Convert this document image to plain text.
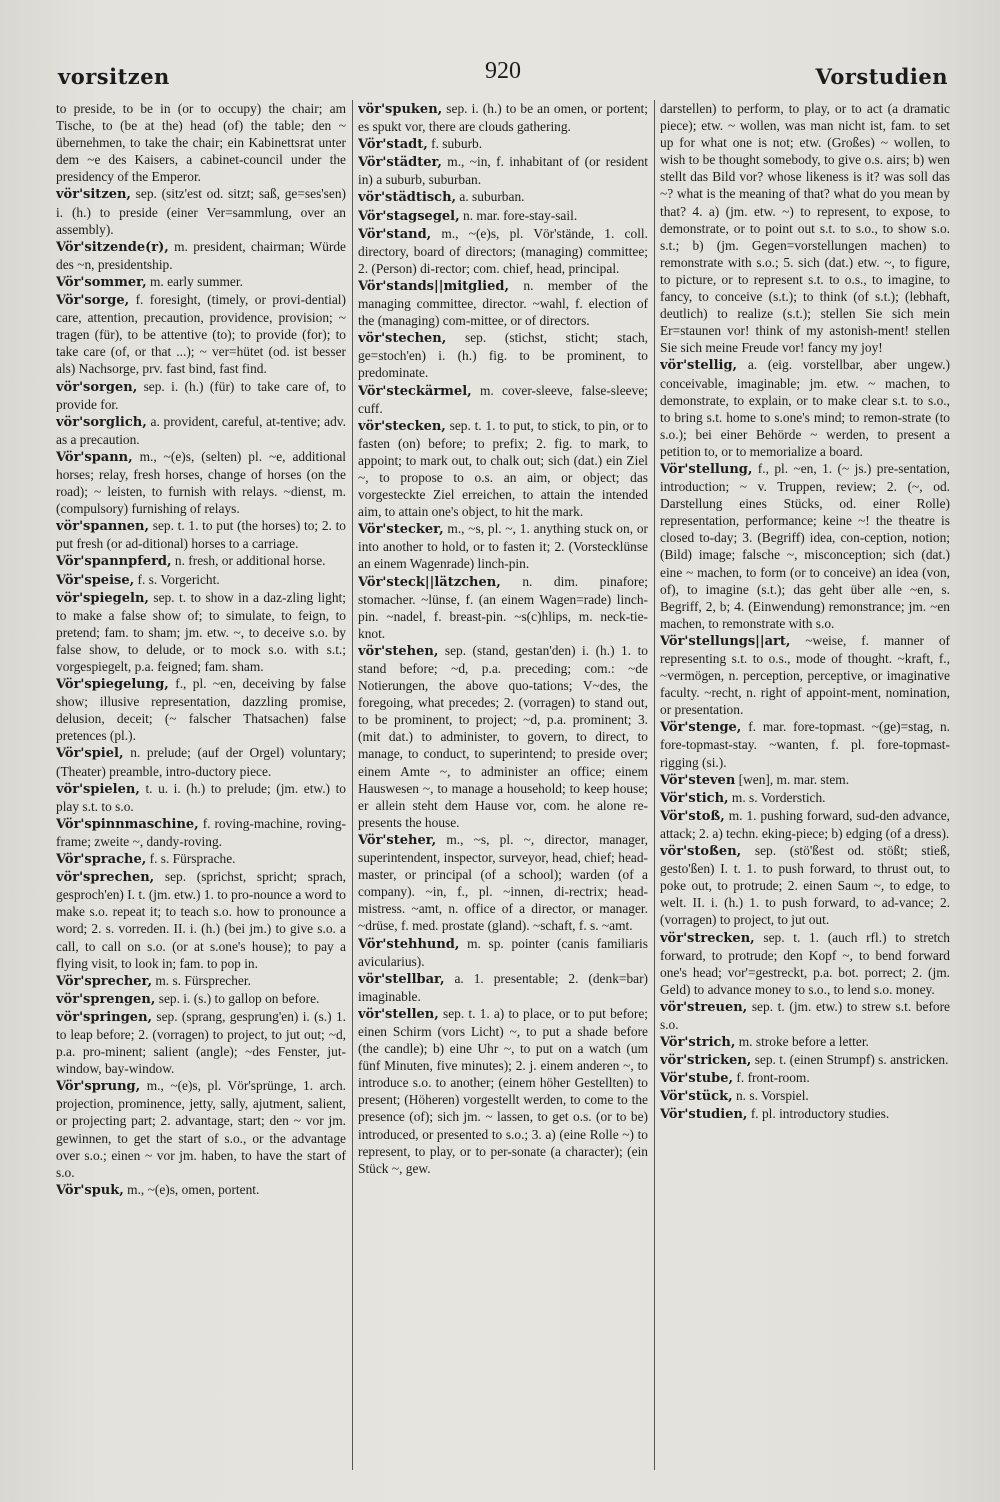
vorsitzen	920	Vorstudien

to preside, to be in (or to occupy) the chair; am Tische, to (be at the) head (of) the table; den ~ übernehmen, to take the chair; ein Kabinettsrat unter dem ~e des Kaisers, a cabinet-council under the presidency of the Emperor.

vör'sitzen, sep. (sitz'est od. sitzt; saß, ge=ses'sen) i. (h.) to preside (einer Ver=sammlung, over an assembly).

Vör'sitzende(r), m. president, chairman; Würde des ~n, presidentship.

Vör'sommer, m. early summer.

Vör'sorge, f. foresight, (timely, or provi-dential) care, attention, precaution, providence, provision; ~ tragen (für), to be attentive (to); to provide (for); to take care (of, or that ...); ~ ver=hütet (od. ist besser als) Nachsorge, prv. fast bind, fast find.

vör'sorgen, sep. i. (h.) (für) to take care of, to provide for.

vör'sorglich, a. provident, careful, at-tentive; adv. as a precaution.

Vör'spann, m., ~(e)s, (selten) pl. ~e, additional horses; relay, fresh horses, change of horses (on the road); ~ leisten, to furnish with relays. ~dienst, m. (compulsory) furnishing of relays.

vör'spannen, sep. t. 1. to put (the horses) to; 2. to put fresh (or ad-ditional) horses to a carriage.

Vör'spannpferd, n. fresh, or additional horse.

Vör'speise, f. s. Vorgericht.

vör'spiegeln, sep. t. to show in a daz-zling light; to make a false show of; to simulate, to feign, to pretend; fam. to sham; jm. etw. ~, to deceive s.o. by false show, to delude, or to mock s.o. with s.t.; vorgespiegelt, p.a. feigned; fam. sham.

Vör'spiegelung, f., pl. ~en, deceiving by false show; illusive representation, dazzling promise, delusion, deceit; (~ falscher Thatsachen) false pretences (pl.).

Vör'spiel, n. prelude; (auf der Orgel) voluntary; (Theater) preamble, intro-ductory piece.

vör'spielen, t. u. i. (h.) to prelude; (jm. etw.) to play s.t. to s.o.

Vör'spinnmaschine, f. roving-machine, roving-frame; zweite ~, dandy-roving.

Vör'sprache, f. s. Fürsprache.

vör'sprechen, sep. (sprichst, spricht; sprach, gesproch'en) I. t. (jm. etw.) 1. to pro-nounce a word to make s.o. repeat it; to teach s.o. how to pronounce a word; 2. s. vorreden. II. i. (h.) (bei jm.) to give s.o. a call, to call on s.o. (or at s.one's house); to pay a flying visit, to look in; fam. to pop in.

Vör'sprecher, m. s. Fürsprecher.

vör'sprengen, sep. i. (s.) to gallop on before.

vör'springen, sep. (sprang, gesprung'en) i. (s.) 1. to leap before; 2. (vorragen) to project, to jut out; ~d, p.a. pro-minent; salient (angle); ~des Fenster, jut-window, bay-window.

Vör'sprung, m., ~(e)s, pl. Vör'sprünge, 1. arch. projection, prominence, jetty, sally, ajutment, salient, or projecting part; 2. advantage, start; den ~ vor jm. gewinnen, to get the start of s.o., or the advantage over s.o.; einen ~ vor jm. haben, to have the start of s.o.

Vör'spuk, m., ~(e)s, omen, portent.

vör'spuken, sep. i. (h.) to be an omen, or portent; es spukt vor, there are clouds gathering.

Vör'stadt, f. suburb.

Vör'städter, m., ~in, f. inhabitant of (or resident in) a suburb, suburban.

vör'städtisch, a. suburban.

Vör'stagsegel, n. mar. fore-stay-sail.

Vör'stand, m., ~(e)s, pl. Vör'stände, 1. coll. directory, board of directors; (managing) committee; 2. (Person) di-rector; com. chief, head, principal.

Vör'stands||mitglied, n. member of the managing committee, director. ~wahl, f. election of the (managing) com-mittee, or of directors.

vör'stechen, sep. (stichst, sticht; stach, ge=stoch'en) i. (h.) fig. to be prominent, to predominate.

Vör'steckärmel, m. cover-sleeve, false-sleeve; cuff.

vör'stecken, sep. t. 1. to put, to stick, to pin, or to fasten (on) before; to prefix; 2. fig. to mark, to appoint; to mark out, to chalk out; sich (dat.) ein Ziel ~, to propose to o.s. an aim, or object; das vorgesteckte Ziel erreichen, to attain the intended aim, to attain one's object, to hit the mark.

Vör'stecker, m., ~s, pl. ~, 1. anything stuck on, or into another to hold, or to fasten it; 2. (Vorstecklünse an einem Wagenrade) linch-pin.

Vör'steck||lätzchen, n. dim. pinafore; stomacher. ~lünse, f. (an einem Wagen=rade) linch-pin. ~nadel, f. breast-pin. ~s(c)hlips, m. neck-tie-knot.

vör'stehen, sep. (stand, gestan'den) i. (h.) 1. to stand before; ~d, p.a. preceding; com.: ~de Notierungen, the above quo-tations; V~des, the foregoing, what precedes; 2. (vorragen) to stand out, to be prominent, to project; ~d, p.a. prominent; 3. (mit dat.) to administer, to govern, to direct, to manage, to conduct, to superintend; to preside over; einem Amte ~, to administer an office; einem Hauswesen ~, to manage a household; to keep house; er allein steht dem Hause vor, com. he alone re-presents the house.

Vör'steher, m., ~s, pl. ~, director, manager, superintendent, inspector, surveyor, head, chief; head-master, or principal (of a school); warden (of a company). ~in, f., pl. ~innen, di-rectrix; head-mistress. ~amt, n. office of a director, or manager. ~drüse, f. med. prostate (gland). ~schaft, f. s. ~amt.

Vör'stehhund, m. sp. pointer (canis familiaris avicularius).

vör'stellbar, a. 1. presentable; 2. (denk=bar) imaginable.

vör'stellen, sep. t. 1. a) to place, or to put before; einen Schirm (vors Licht) ~, to put a shade before (the candle); b) eine Uhr ~, to put on a watch (um fünf Minuten, five minutes); 2. j. einem anderen ~, to introduce s.o. to another; (einem höher Gestellten) to present; (Höheren) vorgestellt werden, to come to the presence (of); sich jm. ~ lassen, to get o.s. (or to be) introduced, or presented to s.o.; 3. a) (eine Rolle ~) to represent, to play, or to per-sonate (a character); (ein Stück ~, gew.

darstellen) to perform, to play, or to act (a dramatic piece); etw. ~ wollen, was man nicht ist, fam. to set up for what one is not; etw. (Großes) ~ wollen, to wish to be thought somebody, to give o.s. airs; b) wen stellt das Bild vor? whose likeness is it? was soll das ~? what is the meaning of that? what do you mean by that? 4. a) (jm. etw. ~) to represent, to expose, to demonstrate, or to point out s.t. to s.o., to show s.o. s.t.; b) (jm. Gegen=vorstellungen machen) to remonstrate with s.o.; 5. sich (dat.) etw. ~, to figure, to picture, or to represent s.t. to o.s., to imagine, to fancy, to conceive (s.t.); to think (of s.t.); (lebhaft, deutlich) to realize (s.t.); stellen Sie sich mein Er=staunen vor! think of my astonish-ment! stellen Sie sich meine Freude vor! fancy my joy!

vör'stellig, a. (eig. vorstellbar, aber ungew.) conceivable, imaginable; jm. etw. ~ machen, to demonstrate, to explain, or to make clear s.t. to s.o., to bring s.t. home to s.one's mind; to remon-strate (to s.o.); bei einer Behörde ~ werden, to present a petition to, or to memorialize a board.

Vör'stellung, f., pl. ~en, 1. (~ js.) pre-sentation, introduction; ~ v. Truppen, review; 2. (~, od. Darstellung eines Stücks, od. einer Rolle) representation, performance; keine ~! the theatre is closed to-day; 3. (Begriff) idea, con-ception, notion; (Bild) image; falsche ~, misconception; sich (dat.) eine ~ machen, to form (or to conceive) an idea (von, of), to imagine (s.t.); das geht über alle ~en, s. Begriff, 2, b; 4. (Einwendung) remonstrance; jm. ~en machen, to remonstrate with s.o.

Vör'stellungs||art, ~weise, f. manner of representing s.t. to o.s., mode of thought. ~kraft, f., ~vermögen, n. perception, perceptive, or imaginative faculty. ~recht, n. right of appoint-ment, nomination, or presentation.

Vör'stenge, f. mar. fore-topmast. ~(ge)=stag, n. fore-topmast-stay. ~wanten, f. pl. fore-topmast-rigging (si.).

Vör'steven [wen], m. mar. stem.

Vör'stich, m. s. Vorderstich.

Vör'stoß, m. 1. pushing forward, sud-den advance, attack; 2. a) techn. eking-piece; b) edging (of a dress).

vör'stoßen, sep. (stö'ßest od. stößt; stieß, gesto'ßen) I. t. 1. to push forward, to thrust out, to poke out, to protrude; 2. einen Saum ~, to edge, to welt. II. i. (h.) 1. to push forward, to ad-vance; 2. (vorragen) to project, to jut out.

vör'strecken, sep. t. 1. (auch rfl.) to stretch forward, to protrude; den Kopf ~, to bend forward one's head; vor'=gestreckt, p.a. bot. porrect; 2. (jm. Geld) to advance money to s.o., to lend s.o. money.

vör'streuen, sep. t. (jm. etw.) to strew s.t. before s.o.

Vör'strich, m. stroke before a letter.

vör'stricken, sep. t. (einen Strumpf) s. anstricken.

Vör'stube, f. front-room.

Vör'stück, n. s. Vorspiel.

Vör'studien, f. pl. introductory studies.
